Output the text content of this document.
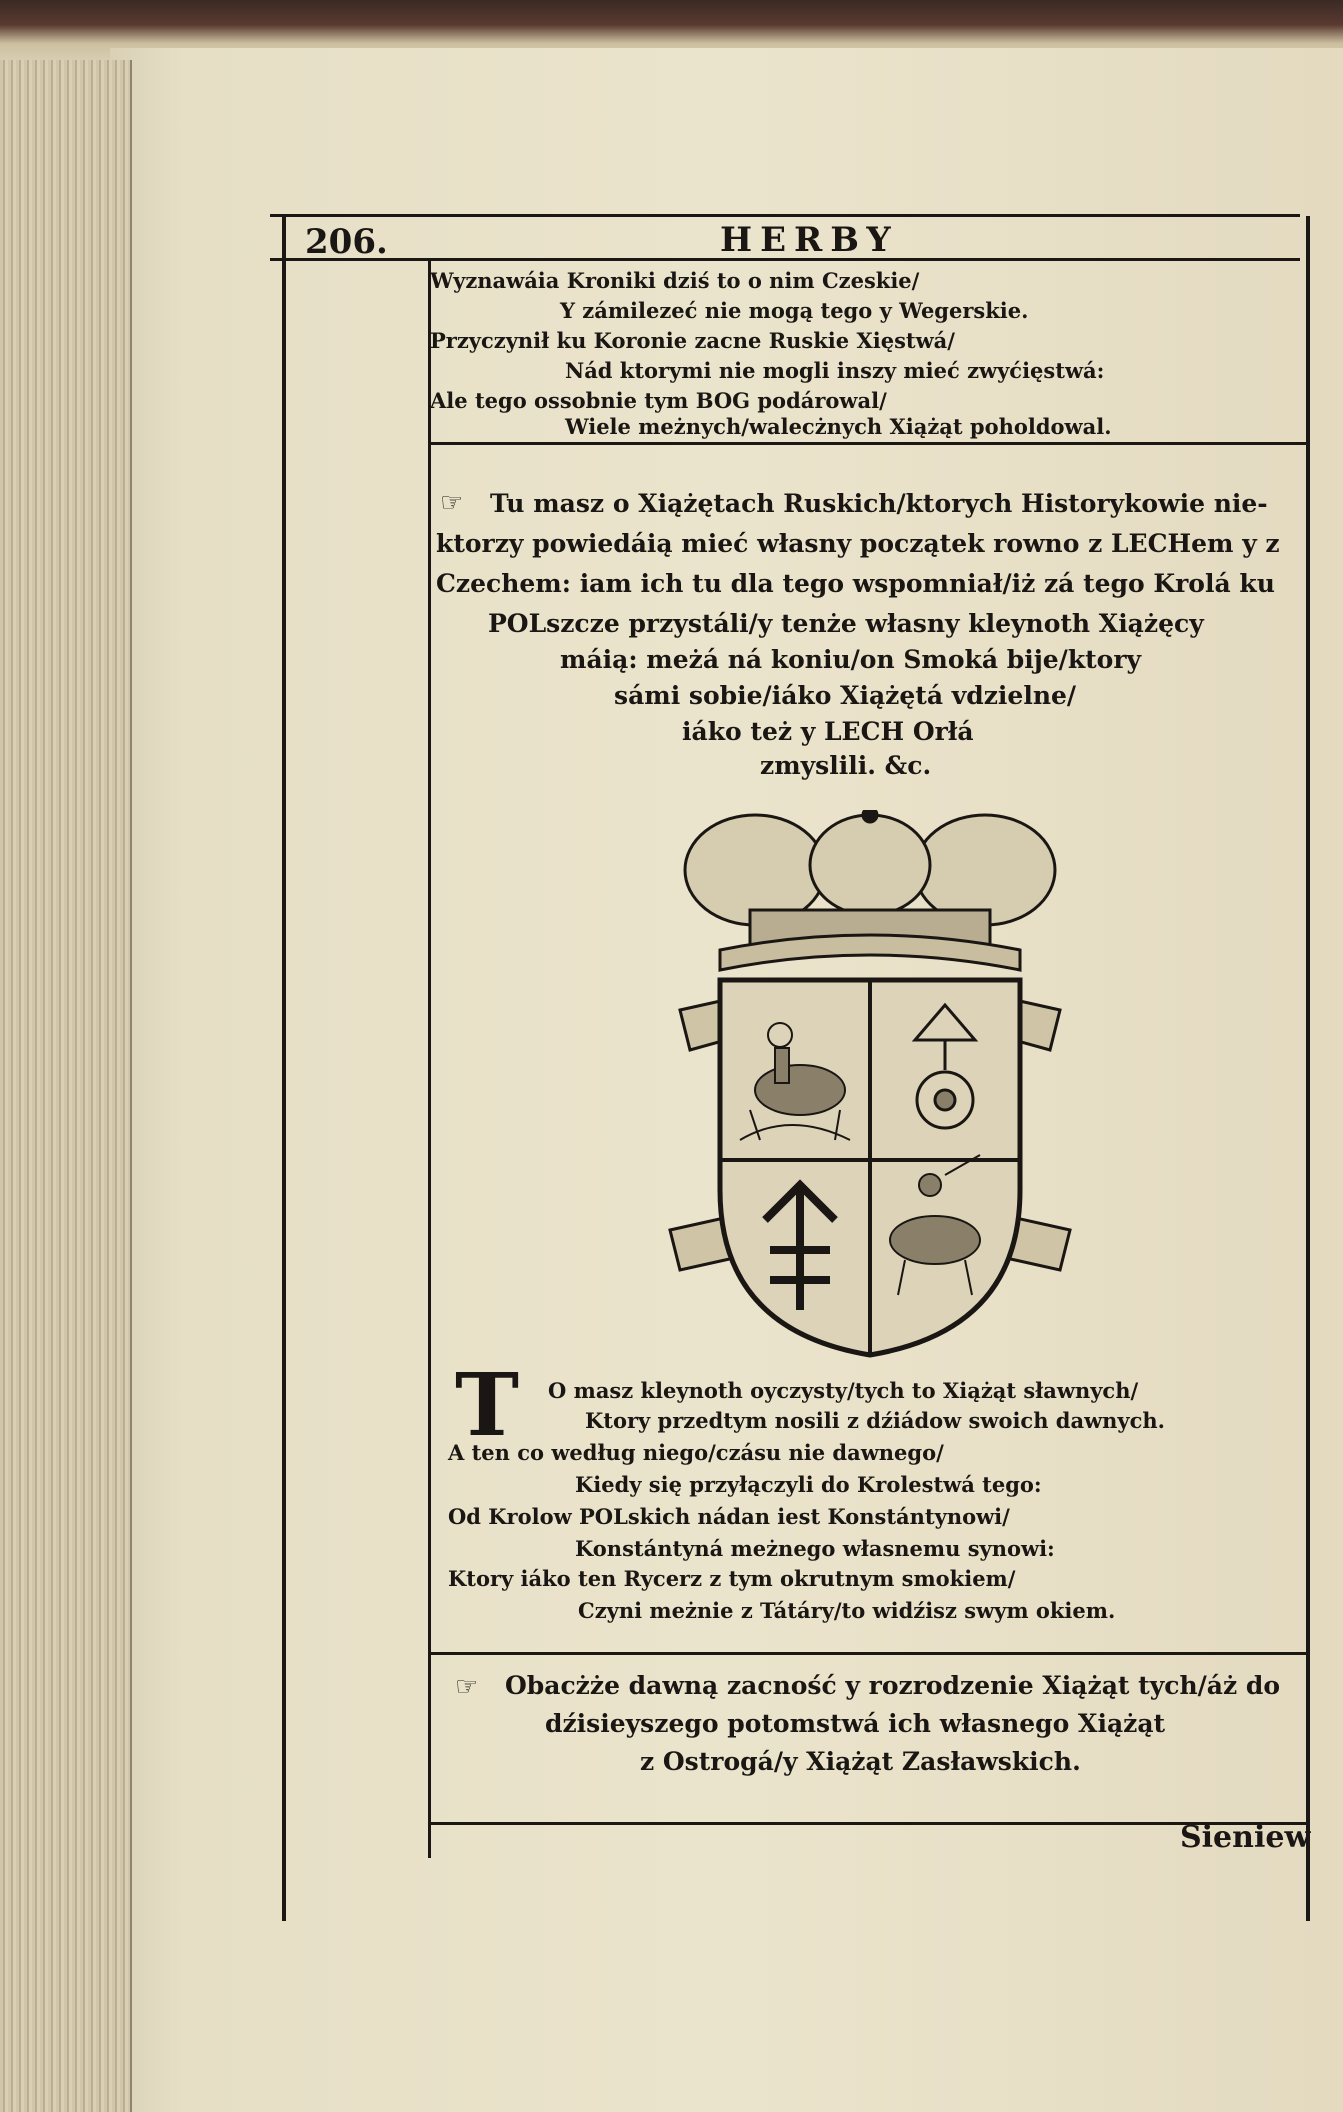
206.	HERBY
Wyznawáia Kroniki dziś to o nim Czeskie/
Y zámilezeć nie mogą tego y Wegerskie.
Przyczynił ku Koronie zacne Ruskie Xięstwá/
Nád ktorymi nie mogli inszy mieć zwyćięstwá:
Ale tego ossobnie tym BOG podárowal/
Wiele meżnych/walecżnych Xiążąt poholdowal.
☞ Tu masz o Xiążętach Ruskich/ktorych Historykowie nie-
ktorzy powiedáią mieć własny początek rowno z LECHem y z
Czechem: iam ich tu dla tego wspomniał/iż zá tego Krolá ku
POLszcze przystáli/y tenże własny kleynoth Xiążęcy
máią: meżá ná koniu/on Smoká bije/ktory
sámi sobie/iáko Xiążętá vdzielne/
iáko też y LECH Orłá
zmyslili. &c.
T	O masz kleynoth oyczysty/tych to Xiążąt sławnych/
Ktory przedtym nosili z dźiádow swoich dawnych.
A ten co według niego/czásu nie dawnego/
Kiedy się przyłączyli do Krolestwá tego:
Od Krolow POLskich nádan iest Konstántynowi/
Konstántyná meżnego własnemu synowi:
Ktory iáko ten Rycerz z tym okrutnym smokiem/
Czyni meżnie z Tátáry/to widźisz swym okiem.
☞ Obacżże dawną zacność y rozrodzenie Xiążąt tych/áż do
dźisieyszego potomstwá ich własnego Xiążąt
z Ostrogá/y Xiążąt Zasławskich.
Sieniew
